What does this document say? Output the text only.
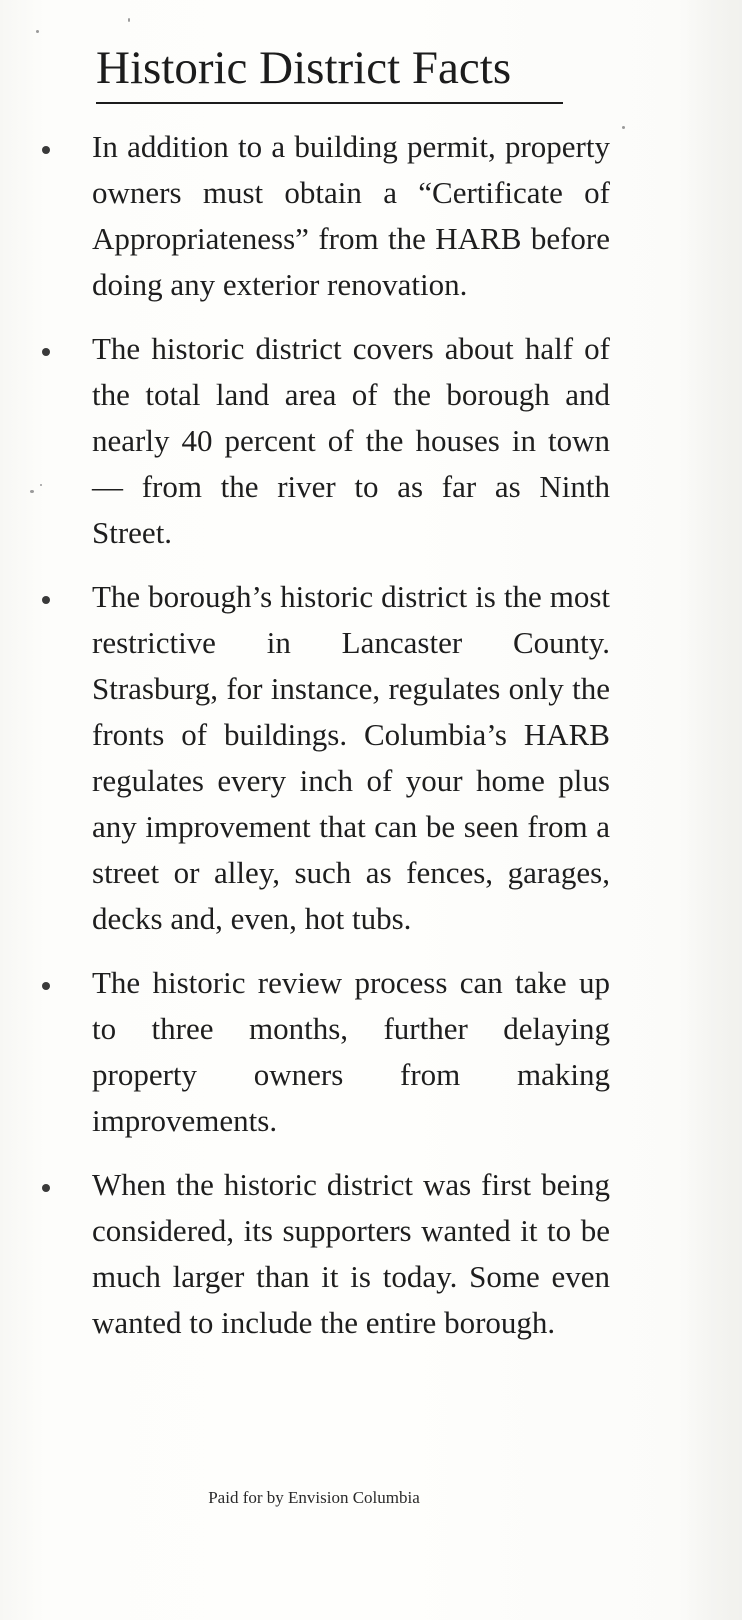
Historic District Facts
In addition to a building permit, property owners must obtain a “Certificate of Appropriateness” from the HARB before doing any exterior renovation.
The historic district covers about half of the total land area of the borough and nearly 40 percent of the houses in town — from the river to as far as Ninth Street.
The borough’s historic district is the most restrictive in Lancaster County. Strasburg, for instance, regulates only the fronts of buildings. Columbia’s HARB regulates every inch of your home plus any improvement that can be seen from a street or alley, such as fences, garages, decks and, even, hot tubs.
The historic review process can take up to three months, further delaying property owners from making improvements.
When the historic district was first being considered, its supporters wanted it to be much larger than it is today. Some even wanted to include the entire borough.
Paid for by Envision Columbia
